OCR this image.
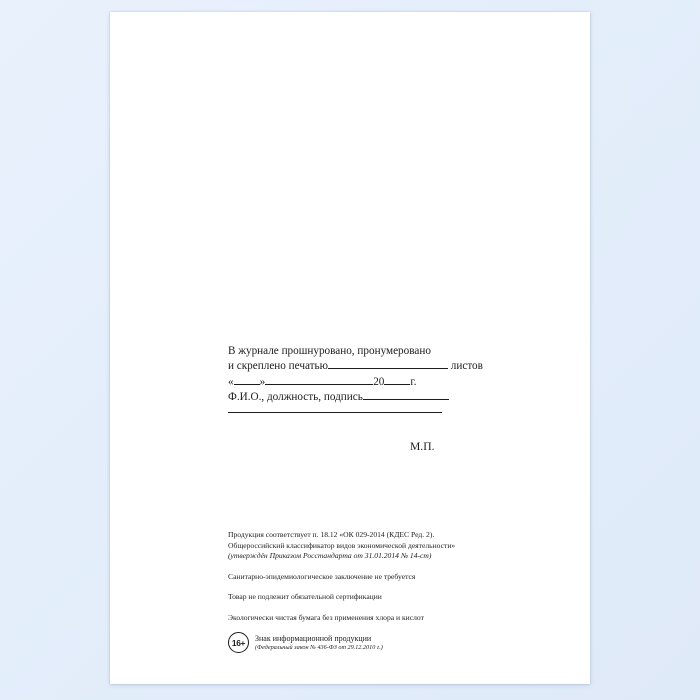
В журнале прошнуровано, пронумеровано
и скреплено печатью	листов
« »	20 г.
Ф.И.О., должность, подпись
М.П.

Продукция соответствует п. 18.12 «ОК 029-2014 (КДЕС Ред. 2).

Общероссийский классификатор видов экономической деятельности»

(утверждён Приказом Росстандарта от 31.01.2014 № 14-ст)

Санитарно-эпидемиологическое заключение не требуется

Товар не подлежит обязательной сертификации

Экологически чистая бумага без применения хлора и кислот

16+	Знак информационной продукции
(Федеральный закон № 436-ФЗ от 29.12.2010 г.)
